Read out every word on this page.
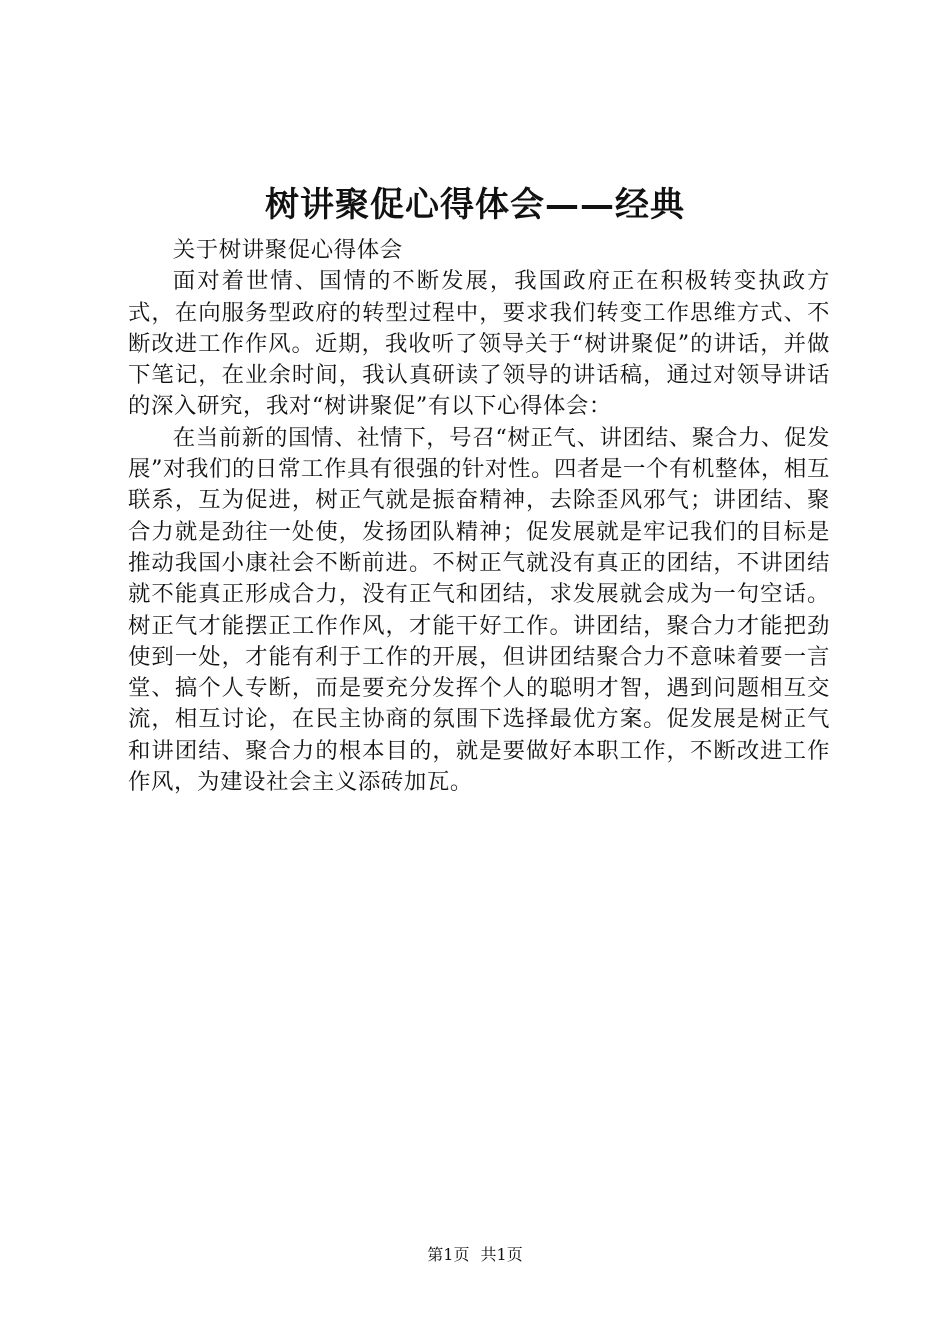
树讲聚促心得体会——经典

关于树讲聚促心得体会

面对着世情、国情的不断发展，我国政府正在积极转变执政方式，在向服务型政府的转型过程中，要求我们转变工作思维方式、不断改进工作作风。近期，我收听了领导关于“树讲聚促”的讲话，并做下笔记，在业余时间，我认真研读了领导的讲话稿，通过对领导讲话的深入研究，我对“树讲聚促”有以下心得体会：

在当前新的国情、社情下，号召“树正气、讲团结、聚合力、促发展”对我们的日常工作具有很强的针对性。四者是一个有机整体，相互联系，互为促进，树正气就是振奋精神，去除歪风邪气；讲团结、聚合力就是劲往一处使，发扬团队精神；促发展就是牢记我们的目标是推动我国小康社会不断前进。不树正气就没有真正的团结，不讲团结就不能真正形成合力，没有正气和团结，求发展就会成为一句空话。树正气才能摆正工作作风，才能干好工作。讲团结，聚合力才能把劲使到一处，才能有利于工作的开展，但讲团结聚合力不意味着要一言堂、搞个人专断，而是要充分发挥个人的聪明才智，遇到问题相互交流，相互讨论，在民主协商的氛围下选择最优方案。促发展是树正气和讲团结、聚合力的根本目的，就是要做好本职工作，不断改进工作作风，为建设社会主义添砖加瓦。

第1页 共1页
